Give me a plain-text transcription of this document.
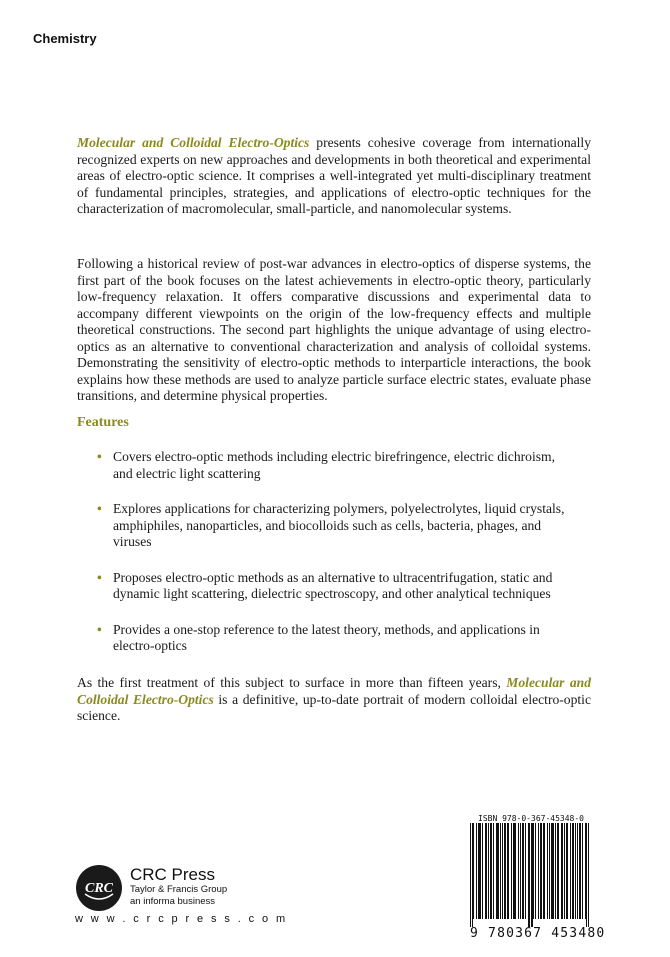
Chemistry

Molecular and Colloidal Electro-Optics presents cohesive coverage from internationally recognized experts on new approaches and developments in both theoretical and experimental areas of electro-optic science. It comprises a well-integrated yet multi-disciplinary treatment of fundamental principles, strategies, and applications of electro-optic techniques for the characterization of macromolecular, small-particle, and nanomolecular systems.

Following a historical review of post-war advances in electro-optics of disperse systems, the first part of the book focuses on the latest achievements in electro-optic theory, particularly low-frequency relaxation. It offers comparative discussions and experimental data to accompany different viewpoints on the origin of the low-frequency effects and multiple theoretical constructions. The second part highlights the unique advantage of using electro-optics as an alternative to conventional characterization and analysis of colloidal systems. Demonstrating the sensitivity of electro-optic methods to interparticle interactions, the book explains how these methods are used to analyze particle surface electric states, evaluate phase transitions, and determine physical properties.

Features
• Covers electro-optic methods including electric birefringence, electric dichroism, and electric light scattering
• Explores applications for characterizing polymers, polyelectrolytes, liquid crystals, amphiphiles, nanoparticles, and biocolloids such as cells, bacteria, phages, and viruses
• Proposes electro-optic methods as an alternative to ultracentrifugation, static and dynamic light scattering, dielectric spectroscopy, and other analytical techniques
• Provides a one-stop reference to the latest theory, methods, and applications in electro-optics

As the first treatment of this subject to surface in more than fifteen years, Molecular and Colloidal Electro-Optics is a definitive, up-to-date portrait of modern colloidal electro-optic science.

CRC
CRC Press
Taylor & Francis Group
an informa business
w w w . c r c p r e s s . c o m
ISBN 978-0-367-45348-0
9 780367 453480
